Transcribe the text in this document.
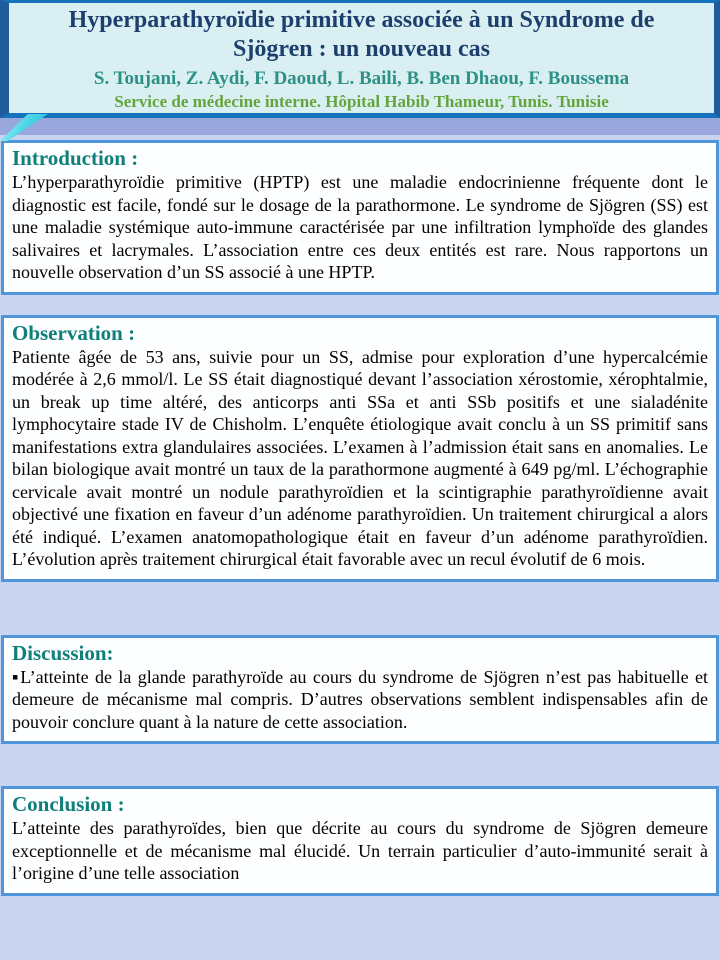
Hyperparathyroïdie primitive associée à un Syndrome de Sjögren : un nouveau cas
S. Toujani, Z. Aydi, F. Daoud, L. Baili, B. Ben Dhaou, F. Boussema
Service de médecine interne. Hôpital Habib Thameur, Tunis. Tunisie
Introduction :

L’hyperparathyroïdie primitive (HPTP) est une maladie endocrinienne fréquente dont le diagnostic est facile, fondé sur le dosage de la parathormone. Le syndrome de Sjögren (SS) est une maladie systémique auto-immune caractérisée par une infiltration lymphoïde des glandes salivaires et lacrymales. L’association entre ces deux entités est rare. Nous rapportons un nouvelle observation d’un SS associé à une HPTP.

Observation :

Patiente âgée de 53 ans, suivie pour un SS, admise pour exploration d’une hypercalcémie modérée à 2,6 mmol/l. Le SS était diagnostiqué devant l’association xérostomie, xérophtalmie, un break up time altéré, des anticorps anti SSa et anti SSb positifs et une sialadénite lymphocytaire stade IV de Chisholm. L’enquête étiologique avait conclu à un SS primitif sans manifestations extra glandulaires associées. L’examen à l’admission était sans en anomalies. Le bilan biologique avait montré un taux de la parathormone augmenté à 649 pg/ml. L’échographie cervicale avait montré un nodule parathyroïdien et la scintigraphie parathyroïdienne avait objectivé une fixation en faveur d’un adénome parathyroïdien. Un traitement chirurgical a alors été indiqué. L’examen anatomopathologique était en faveur d’un adénome parathyroïdien. L’évolution après traitement chirurgical était favorable avec un recul évolutif de 6 mois.

Discussion:

▪L’atteinte de la glande parathyroïde au cours du syndrome de Sjögren n’est pas habituelle et demeure de mécanisme mal compris. D’autres observations semblent indispensables afin de pouvoir conclure quant à la nature de cette association.

Conclusion :

L’atteinte des parathyroïdes, bien que décrite au cours du syndrome de Sjögren demeure exceptionnelle et de mécanisme mal élucidé. Un terrain particulier d’auto-immunité serait à l’origine d’une telle association
